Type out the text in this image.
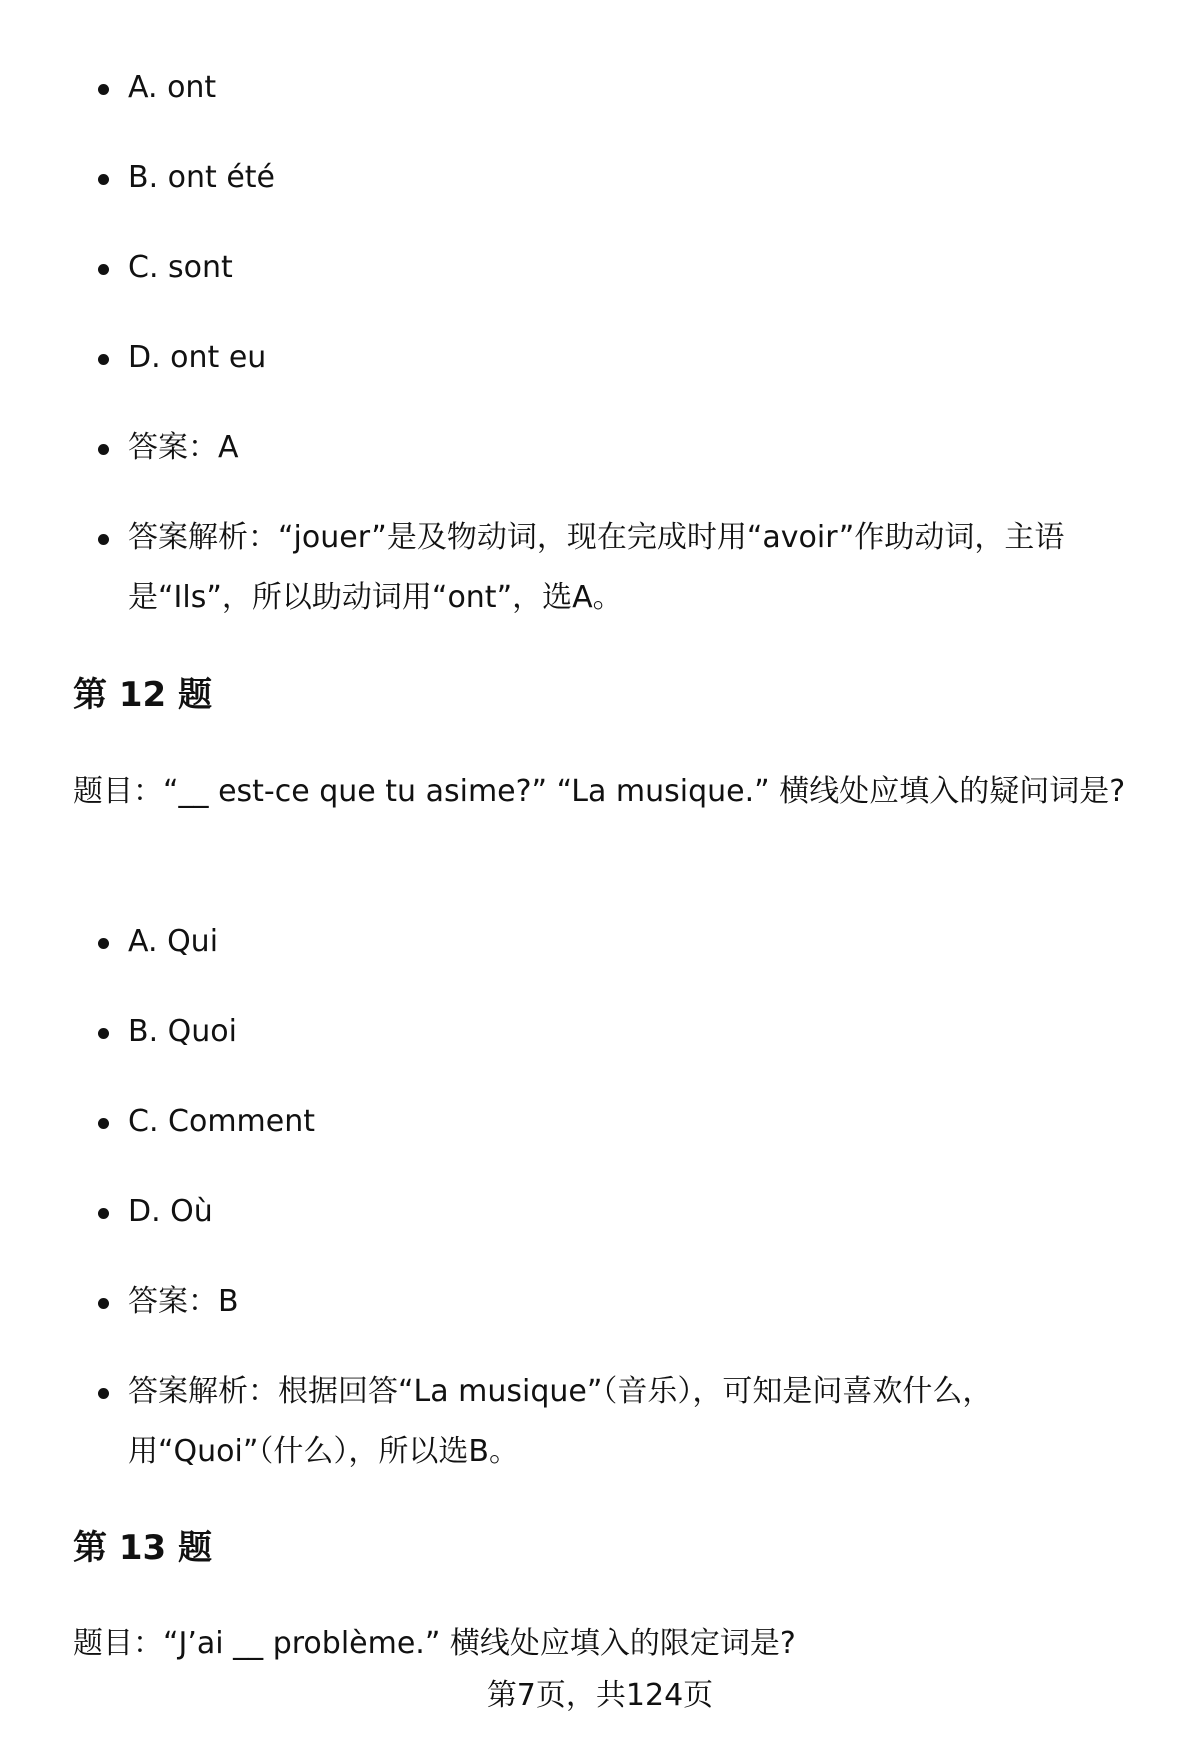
A. ont
B. ont été
C. sont
D. ont eu
答案：A
答案解析：“jouer”是及物动词，现在完成时用“avoir”作助动词，主语是“Ils”，所以助动词用“ont”，选A。
第 12 题

题目：“__ est-ce que tu asime?” “La musique.” 横线处应填入的疑问词是?

A. Qui
B. Quoi
C. Comment
D. Où
答案：B
答案解析：根据回答“La musique”（音乐），可知是问喜欢什么，用“Quoi”（什么），所以选B。
第 13 题

题目：“J’ai __ problème.” 横线处应填入的限定词是?

第7页，共124页
